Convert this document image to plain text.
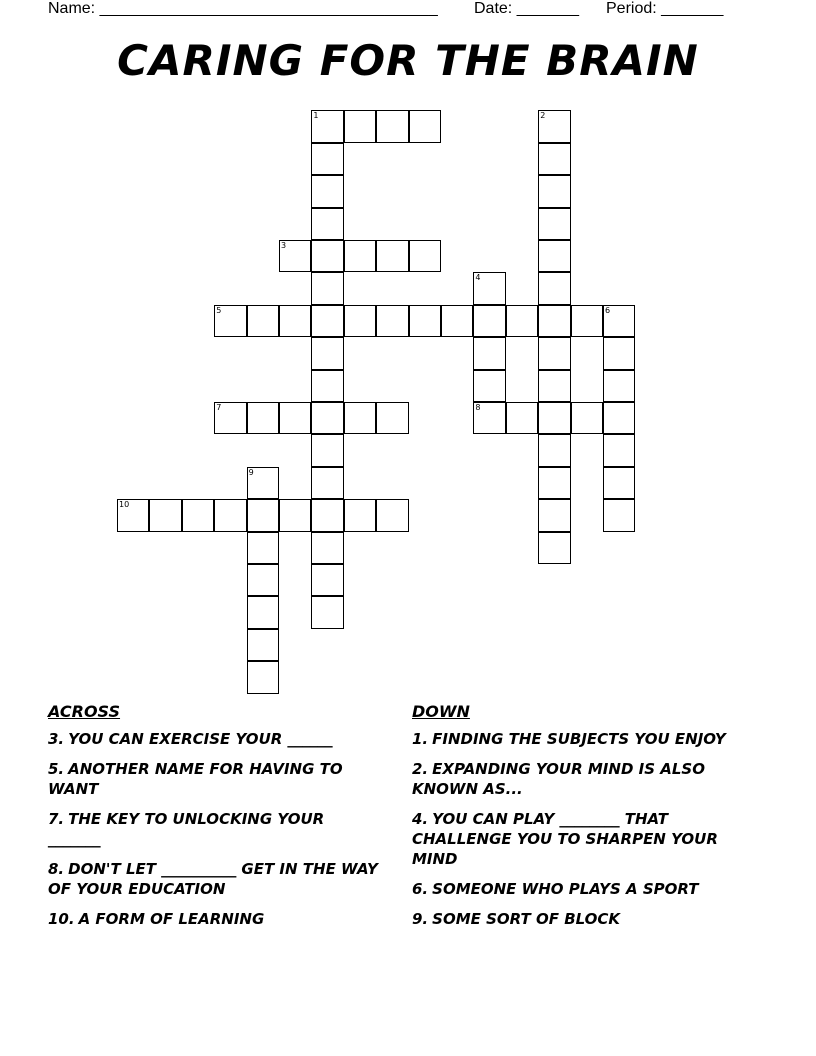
Name: ______________________________________ Date: _______ Period: _______
CARING FOR THE BRAIN
1	2
3
4
8
5	6
7
9
10
ACROSS
3. YOU CAN EXERCISE YOUR ______
5. ANOTHER NAME FOR HAVING TO WANT
7. THE KEY TO UNLOCKING YOUR _______
8. DON'T LET __________ GET IN THE WAY OF YOUR EDUCATION
10. A FORM OF LEARNING
DOWN
1. FINDING THE SUBJECTS YOU ENJOY
2. EXPANDING YOUR MIND IS ALSO KNOWN AS...
4. YOU CAN PLAY ________ THAT CHALLENGE YOU TO SHARPEN YOUR MIND
6. SOMEONE WHO PLAYS A SPORT
9. SOME SORT OF BLOCK
